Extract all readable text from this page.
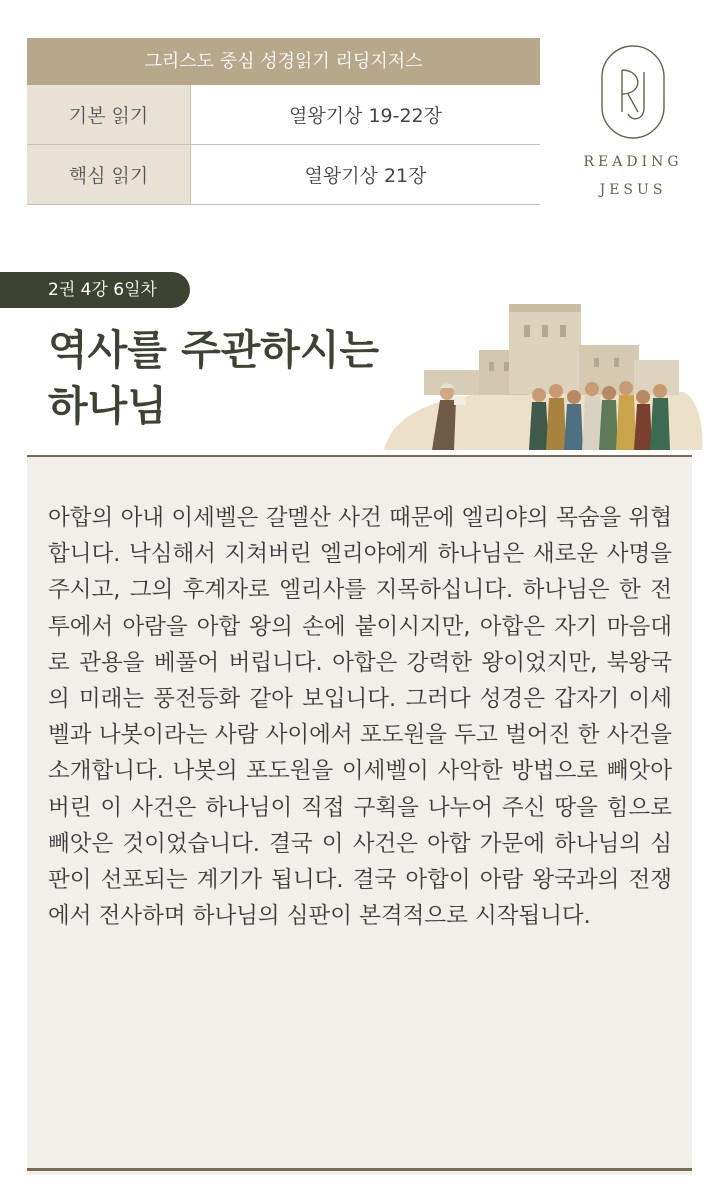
그리스도 중심 성경읽기 리딩지저스
기본 읽기	열왕기상 19-22장
핵심 읽기	열왕기상 21장
READING
JESUS
2권 4강 6일차
역사를 주관하시는
하나님

아합의 아내 이세벨은 갈멜산 사건 때문에 엘리야의 목숨을 위협합니다. 낙심해서 지쳐버린 엘리야에게 하나님은 새로운 사명을 주시고, 그의 후계자로 엘리사를 지목하십니다. 하나님은 한 전투에서 아람을 아합 왕의 손에 붙이시지만, 아합은 자기 마음대로 관용을 베풀어 버립니다. 아합은 강력한 왕이었지만, 북왕국의 미래는 풍전등화 같아 보입니다. 그러다 성경은 갑자기 이세벨과 나봇이라는 사람 사이에서 포도원을 두고 벌어진 한 사건을 소개합니다. 나봇의 포도원을 이세벨이 사악한 방법으로 빼앗아버린 이 사건은 하나님이 직접 구획을 나누어 주신 땅을 힘으로 빼앗은 것이었습니다. 결국 이 사건은 아합 가문에 하나님의 심판이 선포되는 계기가 됩니다. 결국 아합이 아람 왕국과의 전쟁에서 전사하며 하나님의 심판이 본격적으로 시작됩니다.
